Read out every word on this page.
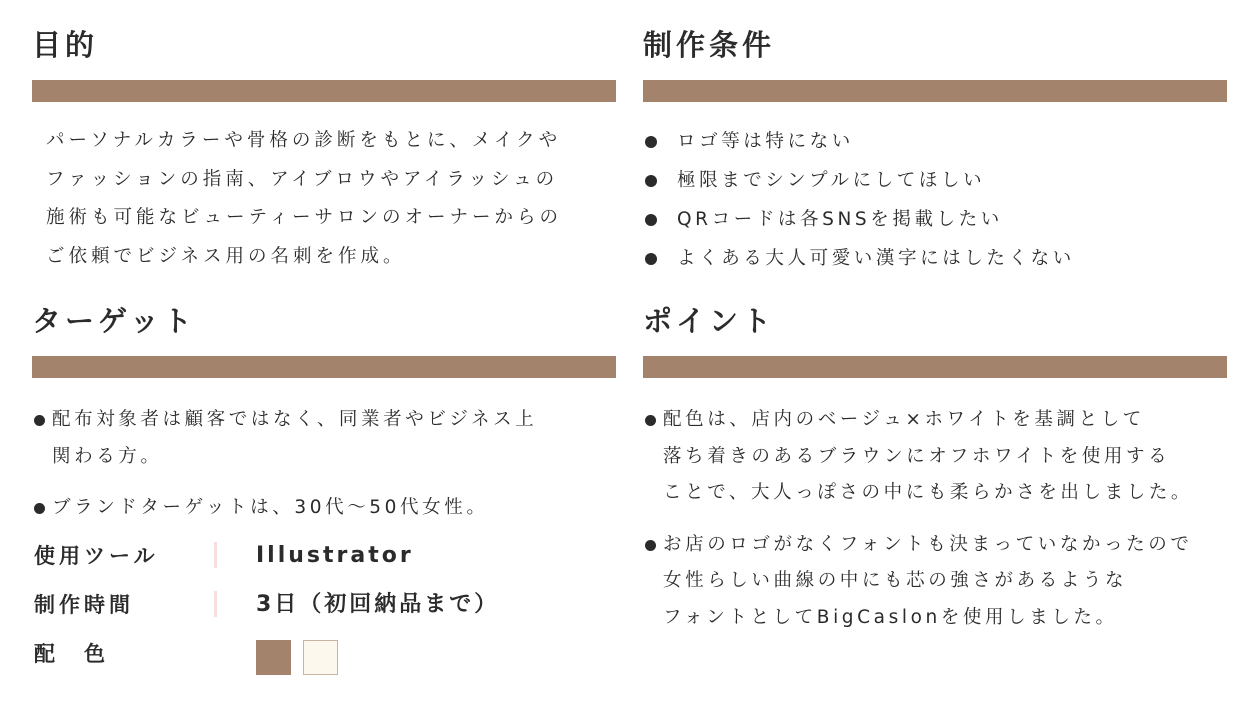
目的
パーソナルカラーや骨格の診断をもとに、メイクや
ファッションの指南、アイブロウやアイラッシュの
施術も可能なビューティーサロンのオーナーからの
ご依頼でビジネス用の名刺を作成。
制作条件
ロゴ等は特にない
極限までシンプルにしてほしい
QRコードは各SNSを掲載したい
よくある大人可愛い漢字にはしたくない
ターゲット
配布対象者は顧客ではなく、同業者やビジネス上
関わる方。
ブランドターゲットは、30代〜50代女性。
ポイント
配色は、店内のベージュ×ホワイトを基調として
落ち着きのあるブラウンにオフホワイトを使用する
ことで、大人っぽさの中にも柔らかさを出しました。
お店のロゴがなくフォントも決まっていなかったので
女性らしい曲線の中にも芯の強さがあるような
フォントとしてBigCaslonを使用しました。
使用ツール	Illustrator
制作時間	3日（初回納品まで）
配　色
